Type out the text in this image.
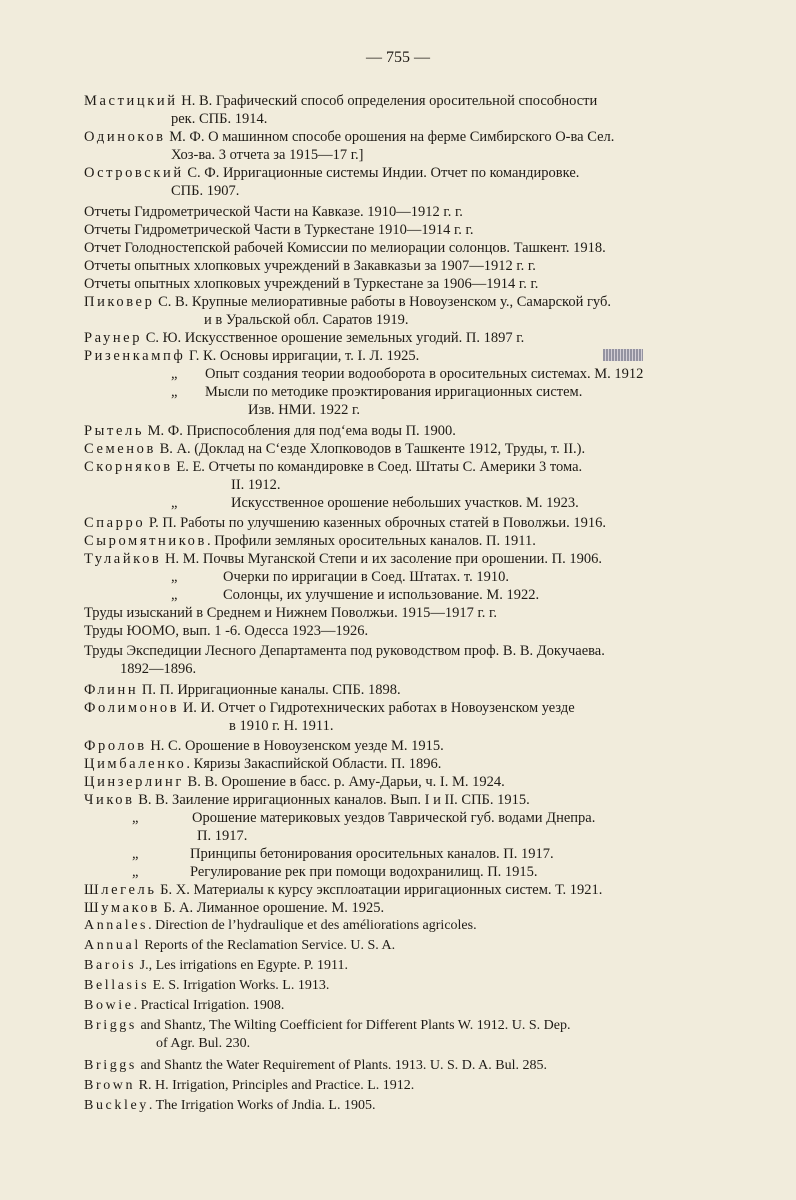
— 755 —
Мастицкий Н. В. Графический способ определения оросительной способности
рек. СПБ. 1914.
Одиноков М. Ф. О машинном способе орошения на ферме Симбирского О-ва Сел.
Хоз-ва. 3 отчета за 1915—17 г.]
Островский С. Ф. Ирригационные системы Индии. Отчет по командировке.
СПБ. 1907.
Отчеты Гидрометрической Части на Кавказе. 1910—1912 г. г.
Отчеты Гидрометрической Части в Туркестане 1910—1914 г. г.
Отчет Голодностепской рабочей Комиссии по мелиорации солонцов. Ташкент. 1918.
Отчеты опытных хлопковых учреждений в Закавказьи за 1907—1912 г. г.
Отчеты опытных хлопковых учреждений в Туркестане за 1906—1914 г. г.
Пиковер С. В. Крупные мелиоративные работы в Новоузенском у., Самарской губ.
и в Уральской обл. Саратов 1919.
Раунер С. Ю. Искусственное орошение земельных угодий. П. 1897 г.
Ризенкампф Г. К. Основы ирригации, т. I. Л. 1925.
„ Опыт создания теории водооборота в оросительных системах. М. 1912
„ Мысли по методике проэктирования ирригационных систем.
Изв. НМИ. 1922 г.
Рытель М. Ф. Приспособления для под‘ема воды П. 1900.
Семенов В. А. (Доклад на С‘езде Хлопководов в Ташкенте 1912, Труды, т. II.).
Скорняков Е. Е. Отчеты по командировке в Соед. Штаты С. Америки 3 тома.
II. 1912.
„	Искусственное орошение небольших участков. М. 1923.
Спарро Р. П. Работы по улучшению казенных оброчных статей в Поволжьи. 1916.
Сыромятников. Профили земляных оросительных каналов. П. 1911.
Тулайков Н. М. Почвы Муганской Степи и их засоление при орошении. П. 1906.
„	Очерки по ирригации в Соед. Штатах. т. 1910.
„	Солонцы, их улучшение и использование. М. 1922.
Труды изысканий в Среднем и Нижнем Поволжьи. 1915—1917 г. г.
Труды ЮОМО, вып. 1 -6. Одесса 1923—1926.
Труды Экспедиции Лесного Департамента под руководством проф. В. В. Докучаева.
1892—1896.
Флинн П. П. Ирригационные каналы. СПБ. 1898.
Фолимонов И. И. Отчет о Гидротехнических работах в Новоузенском уезде
в 1910 г. Н. 1911.
Фролов Н. С. Орошение в Новоузенском уезде М. 1915.
Цимбаленко. Кяризы Закаспийской Области. П. 1896.
Цинзерлинг В. В. Орошение в басс. р. Аму-Дарьи, ч. I. М. 1924.
Чиков В. В. Заиление ирригационных каналов. Вып. I и II. СПБ. 1915.
„	Орошение материковых уездов Таврической губ. водами Днепра.
П. 1917.
„	Принципы бетонирования оросительных каналов. П. 1917.
„	Регулирование рек при помощи водохранилищ. П. 1915.
Шлегель Б. Х. Материалы к курсу эксплоатации ирригационных систем. Т. 1921.
Шумаков Б. А. Лиманное орошение. М. 1925.
Annales. Direction de l’hydraulique et des améliorations agricoles.
Annual Reports of the Reclamation Service. U. S. A.
Barois J., Les irrigations en Egypte. P. 1911.
Bellasis E. S. Irrigation Works. L. 1913.
Bowie. Practical Irrigation. 1908.
Briggs and Shantz, The Wilting Coefficient for Different Plants W. 1912. U. S. Dep.
of Agr. Bul. 230.
Briggs and Shantz the Water Requirement of Plants. 1913. U. S. D. A. Bul. 285.
Brown R. H. Irrigation, Principles and Practice. L. 1912.
Buckley. The Irrigation Works of Jndia. L. 1905.
